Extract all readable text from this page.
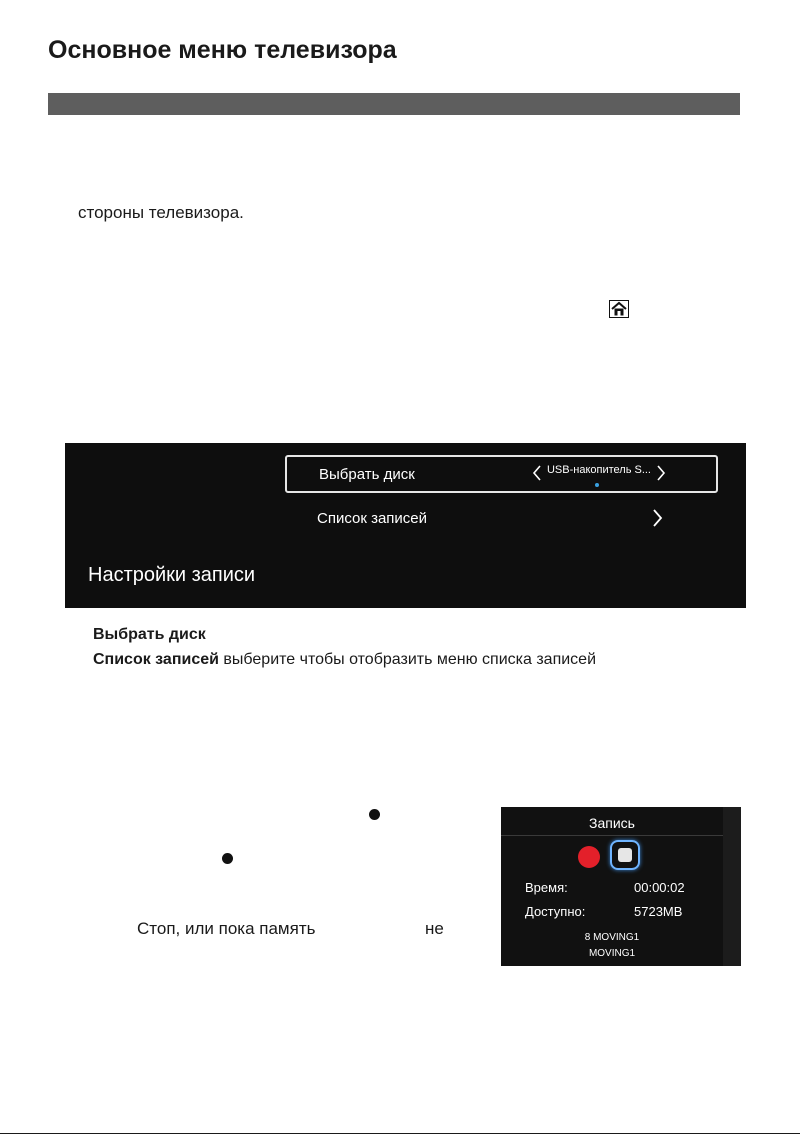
Основное меню телевизора
стороны телевизора.
Выбрать диск	USB-накопитель S...
Список записей
Настройки записи
Выбрать диск
Список записей выберите чтобы отобразить меню списка записей
Стоп, или пока память	не
Запись
Время:	00:00:02
Доступно:	5723MB
8 MOVING1
MOVING1
